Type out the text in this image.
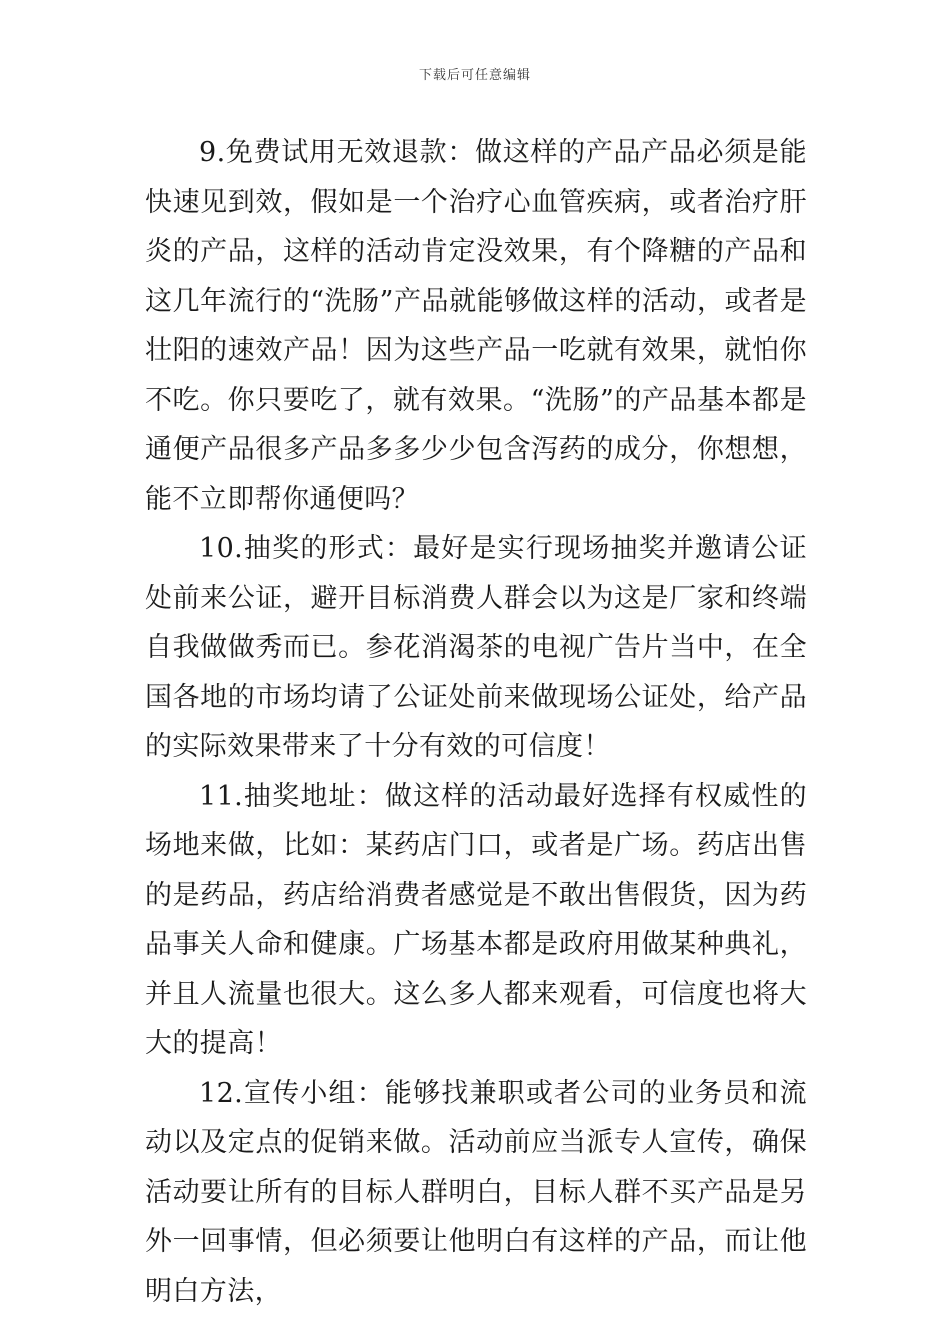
下载后可任意编辑

9.免费试用无效退款：做这样的产品产品必须是能快速见到效，假如是一个治疗心血管疾病，或者治疗肝炎的产品，这样的活动肯定没效果，有个降糖的产品和这几年流行的“洗肠”产品就能够做这样的活动，或者是壮阳的速效产品！因为这些产品一吃就有效果，就怕你不吃。你只要吃了，就有效果。“洗肠”的产品基本都是通便产品很多产品多多少少包含泻药的成分，你想想，能不立即帮你通便吗？

10.抽奖的形式：最好是实行现场抽奖并邀请公证处前来公证，避开目标消费人群会以为这是厂家和终端自我做做秀而已。参花消渴茶的电视广告片当中，在全国各地的市场均请了公证处前来做现场公证处，给产品的实际效果带来了十分有效的可信度！

11.抽奖地址：做这样的活动最好选择有权威性的场地来做，比如：某药店门口，或者是广场。药店出售的是药品，药店给消费者感觉是不敢出售假货，因为药品事关人命和健康。广场基本都是政府用做某种典礼，并且人流量也很大。这么多人都来观看，可信度也将大大的提高！

12.宣传小组：能够找兼职或者公司的业务员和流动以及定点的促销来做。活动前应当派专人宣传，确保活动要让所有的目标人群明白，目标人群不买产品是另外一回事情，但必须要让他明白有这样的产品，而让他明白方法，
